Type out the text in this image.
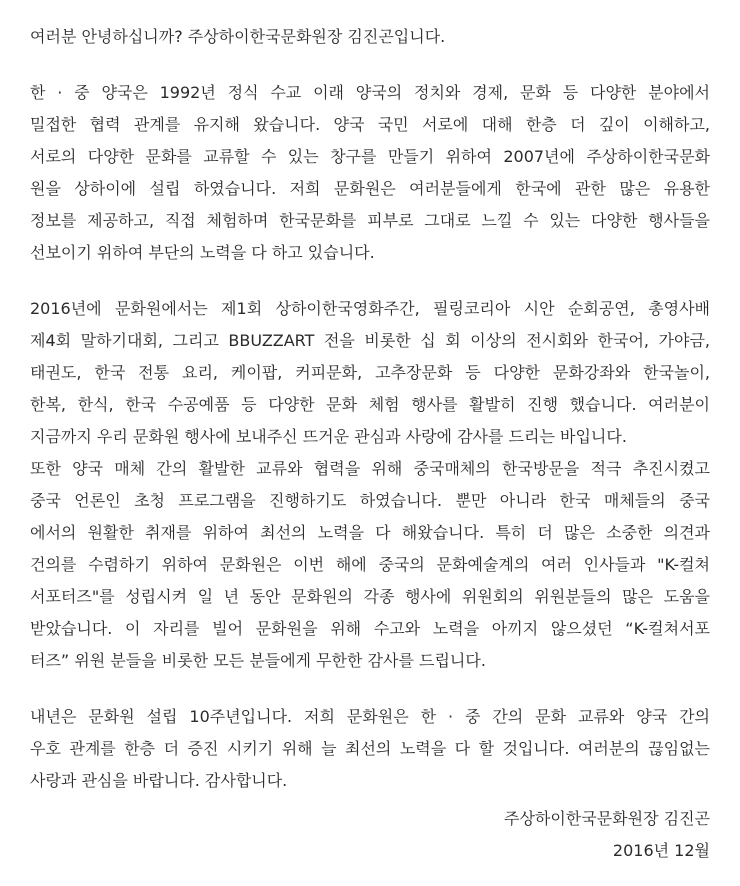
여러분 안녕하십니까? 주상하이한국문화원장 김진곤입니다.

한 · 중 양국은 1992년 정식 수교 이래 양국의 정치와 경제, 문화 등 다양한 분야에서
밀접한 협력 관계를 유지해 왔습니다. 양국 국민 서로에 대해 한층 더 깊이 이해하고,
서로의 다양한 문화를 교류할 수 있는 창구를 만들기 위하여 2007년에 주상하이한국문화
원을 상하이에 설립 하였습니다. 저희 문화원은 여러분들에게 한국에 관한 많은 유용한
정보를 제공하고, 직접 체험하며 한국문화를 피부로 그대로 느낄 수 있는 다양한 행사들을
선보이기 위하여 부단의 노력을 다 하고 있습니다.
2016년에 문화원에서는 제1회 상하이한국영화주간, 필링코리아 시안 순회공연, 총영사배
제4회 말하기대회, 그리고 BBUZZART 전을 비롯한 십 회 이상의 전시회와 한국어, 가야금,
태권도, 한국 전통 요리, 케이팝, 커피문화, 고추장문화 등 다양한 문화강좌와 한국놀이,
한복, 한식, 한국 수공예품 등 다양한 문화 체험 행사를 활발히 진행 했습니다. 여러분이
지금까지 우리 문화원 행사에 보내주신 뜨거운 관심과 사랑에 감사를 드리는 바입니다.
또한 양국 매체 간의 활발한 교류와 협력을 위해 중국매체의 한국방문을 적극 추진시켰고
중국 언론인 초청 프로그램을 진행하기도 하였습니다. 뿐만 아니라 한국 매체들의 중국
에서의 원활한 취재를 위하여 최선의 노력을 다 해왔습니다. 특히 더 많은 소중한 의견과
건의를 수렴하기 위하여 문화원은 이번 해에 중국의 문화예술계의 여러 인사들과 "K-컬쳐
서포터즈"를 성립시켜 일 년 동안 문화원의 각종 행사에 위원회의 위원분들의 많은 도움을
받았습니다. 이 자리를 빌어 문화원을 위해 수고와 노력을 아끼지 않으셨던 “K-컬쳐서포
터즈” 위원 분들을 비롯한 모든 분들에게 무한한 감사를 드립니다.
내년은 문화원 설립 10주년입니다. 저희 문화원은 한 · 중 간의 문화 교류와 양국 간의
우호 관계를 한층 더 증진 시키기 위해 늘 최선의 노력을 다 할 것입니다. 여러분의 끊임없는
사랑과 관심을 바랍니다. 감사합니다.
주상하이한국문화원장 김진곤
2016년 12월
